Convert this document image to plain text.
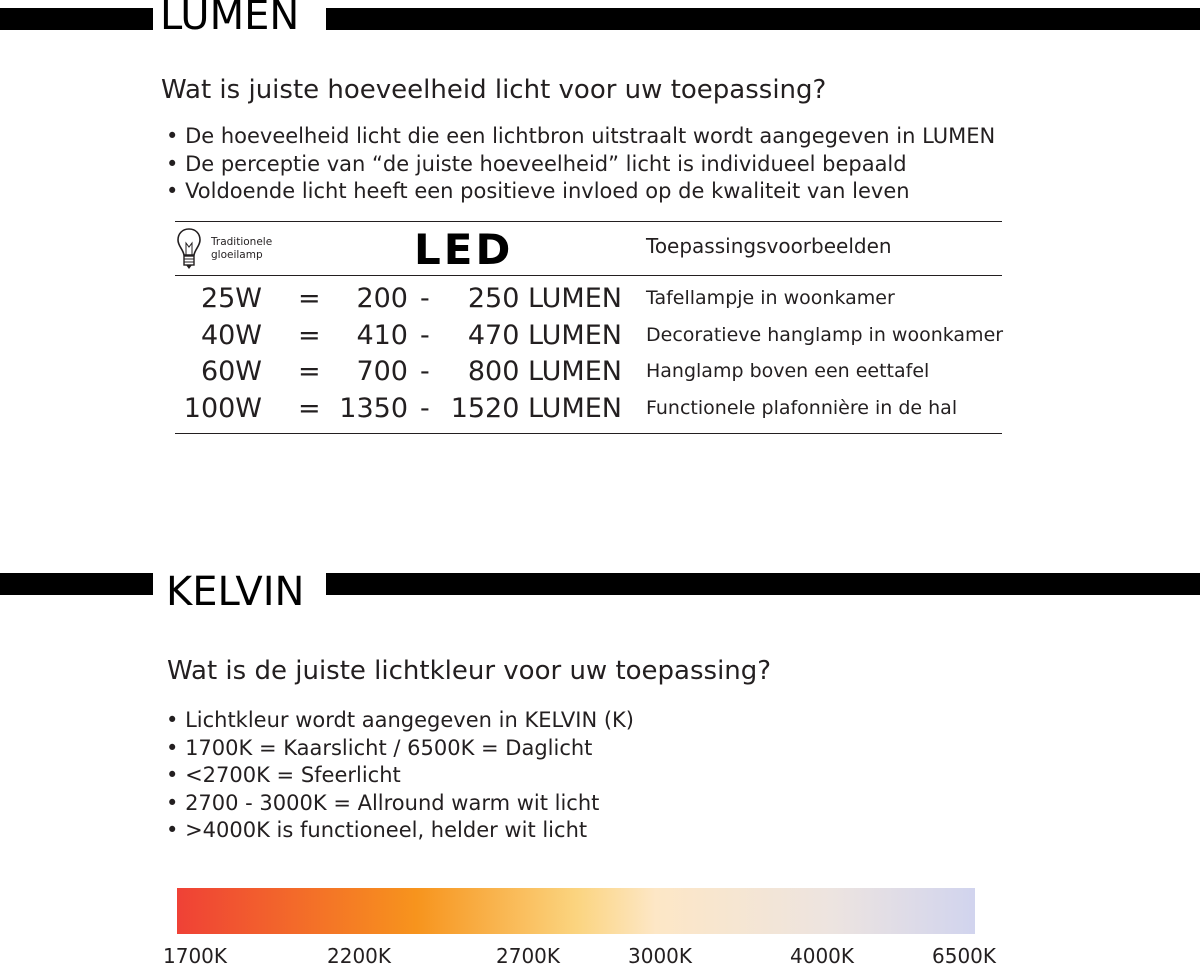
LUMEN
Wat is juiste hoeveelheid licht voor uw toepassing?
• De hoeveelheid licht die een lichtbron uitstraalt wordt aangegeven in LUMEN
• De perceptie van “de juiste hoeveelheid” licht is individueel bepaald
• Voldoende licht heeft een positieve invloed op de kwaliteit van leven
Traditionele
gloeilamp	LED	Toepassingsvoorbeelden
25W = 200 - 250 LUMEN Tafellampje in woonkamer
40W = 410 - 470 LUMEN Decoratieve hanglamp in woonkamer
60W = 700 - 800 LUMEN Hanglamp boven een eettafel
100W = 1350 - 1520 LUMEN Functionele plafonnière in de hal
KELVIN
Wat is de juiste lichtkleur voor uw toepassing?
• Lichtkleur wordt aangegeven in KELVIN (K)
• 1700K = Kaarslicht / 6500K = Daglicht
• <2700K = Sfeerlicht
• 2700 - 3000K = Allround warm wit licht
• >4000K is functioneel, helder wit licht
1700K	2200K	2700K	3000K	4000K	6500K
